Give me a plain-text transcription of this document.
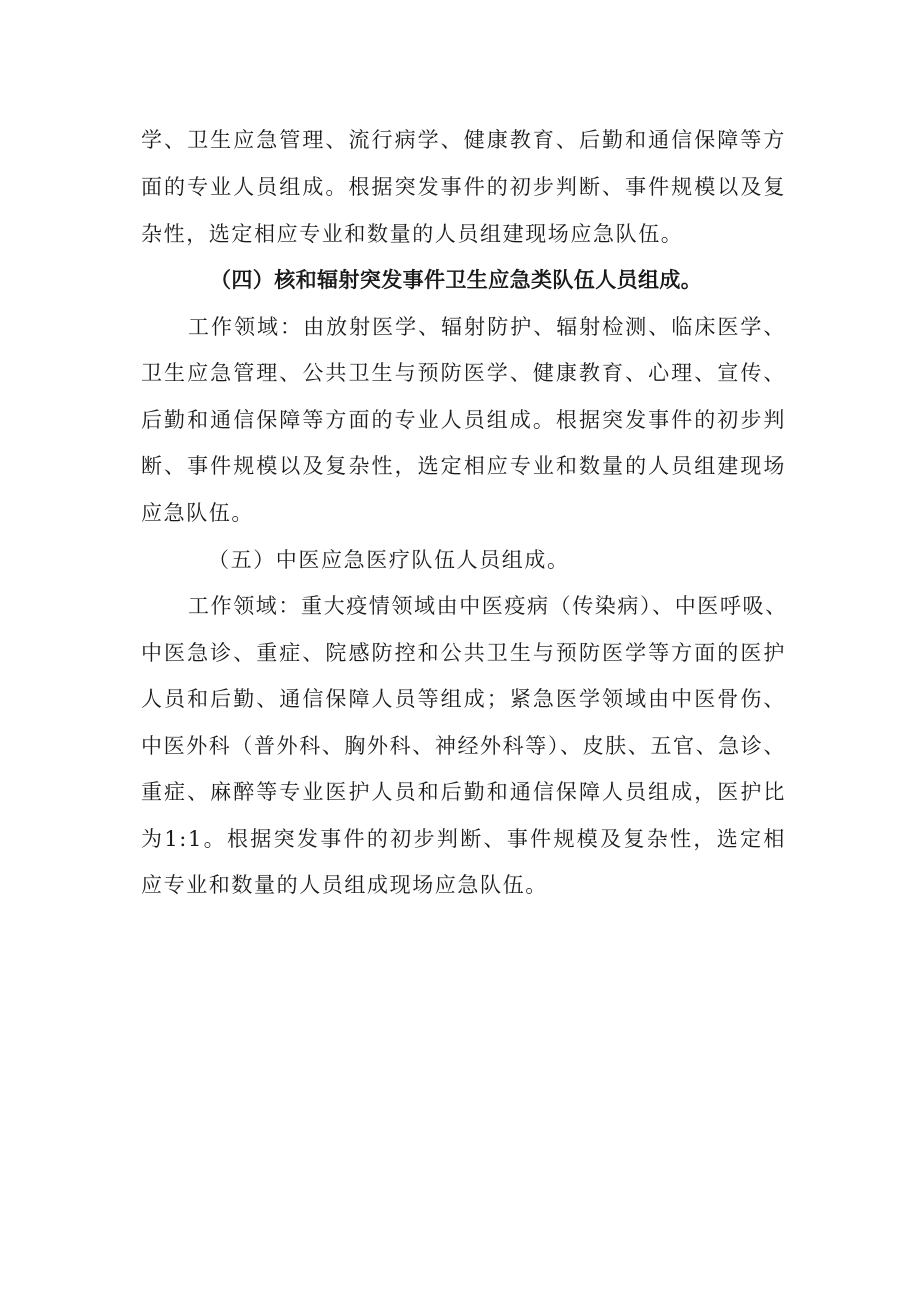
学、卫生应急管理、流行病学、健康教育、后勤和通信保障等方
面的专业人员组成。根据突发事件的初步判断、事件规模以及复
杂性，选定相应专业和数量的人员组建现场应急队伍。
（四）核和辐射突发事件卫生应急类队伍人员组成。
工作领域：由放射医学、辐射防护、辐射检测、临床医学、
卫生应急管理、公共卫生与预防医学、健康教育、心理、宣传、
后勤和通信保障等方面的专业人员组成。根据突发事件的初步判
断、事件规模以及复杂性，选定相应专业和数量的人员组建现场
应急队伍。
（五）中医应急医疗队伍人员组成。
工作领域：重大疫情领域由中医疫病（传染病）、中医呼吸、
中医急诊、重症、院感防控和公共卫生与预防医学等方面的医护
人员和后勤、通信保障人员等组成；紧急医学领域由中医骨伤、
中医外科（普外科、胸外科、神经外科等）、皮肤、五官、急诊、
重症、麻醉等专业医护人员和后勤和通信保障人员组成，医护比
为1:1。根据突发事件的初步判断、事件规模及复杂性，选定相
应专业和数量的人员组成现场应急队伍。
